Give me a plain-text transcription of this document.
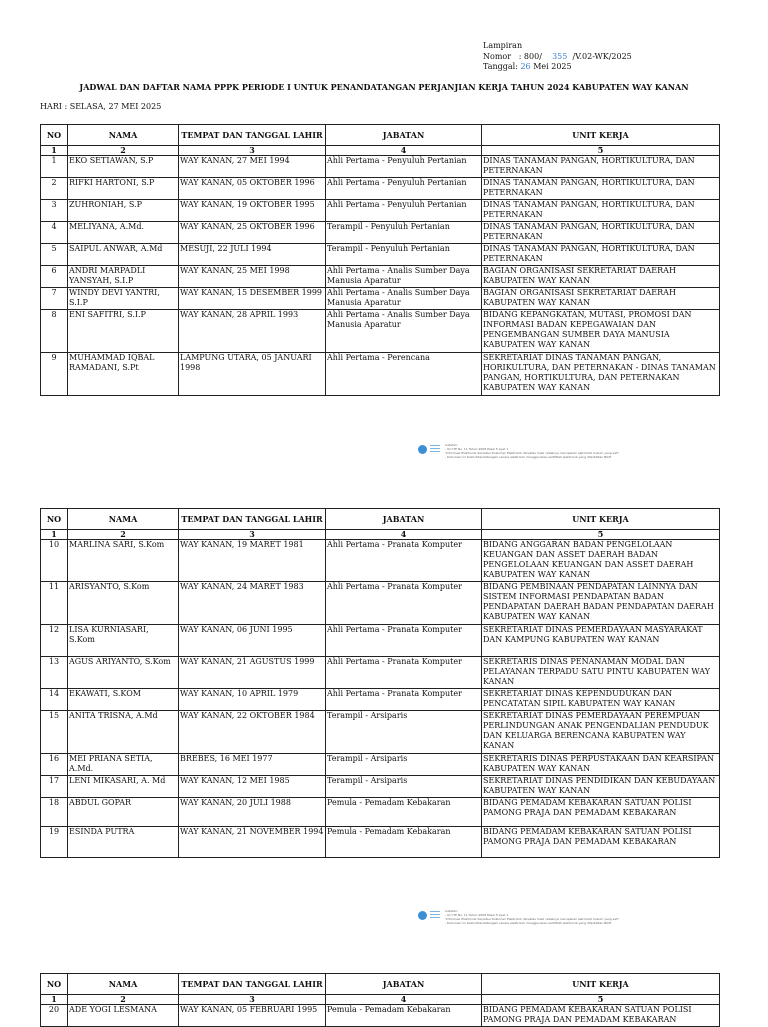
Lampiran
Nomor : 800/ 355 /V.02-WK/2025
Tanggal: 26 Mei 2025
JADWAL DAN DAFTAR NAMA PPPK PERIODE I UNTUK PENANDATANGAN PERJANJIAN KERJA TAHUN 2024 KABUPATEN WAY KANAN
HARI : SELASA, 27 MEI 2025
NO	NAMA	TEMPAT DAN TANGGAL LAHIR	JABATAN	UNIT KERJA
1	2	3	4	5
1	EKO SETIAWAN, S.P	WAY KANAN, 27 MEI 1994	Ahli Pertama - Penyuluh Pertanian	DINAS TANAMAN PANGAN, HORTIKULTURA, DAN PETERNAKAN
2	RIFKI HARTONI, S.P	WAY KANAN, 05 OKTOBER 1996	Ahli Pertama - Penyuluh Pertanian	DINAS TANAMAN PANGAN, HORTIKULTURA, DAN PETERNAKAN
3	ZUHRONIAH, S.P	WAY KANAN, 19 OKTOBER 1995	Ahli Pertama - Penyuluh Pertanian	DINAS TANAMAN PANGAN, HORTIKULTURA, DAN PETERNAKAN
4	MELIYANA, A.Md.	WAY KANAN, 25 OKTOBER 1996	Terampil - Penyuluh Pertanian	DINAS TANAMAN PANGAN, HORTIKULTURA, DAN PETERNAKAN
5	SAIPUL ANWAR, A.Md	MESUJI, 22 JULI 1994	Terampil - Penyuluh Pertanian	DINAS TANAMAN PANGAN, HORTIKULTURA, DAN PETERNAKAN
6	ANDRI MARPADLI YANSYAH, S.I.P	WAY KANAN, 25 MEI 1998	Ahli Pertama - Analis Sumber Daya Manusia Aparatur	BAGIAN ORGANISASI SEKRETARIAT DAERAH KABUPATEN WAY KANAN
7	WINDY DEVI YANTRI, S.I.P	WAY KANAN, 15 DESEMBER 1999	Ahli Pertama - Analis Sumber Daya Manusia Aparatur	BAGIAN ORGANISASI SEKRETARIAT DAERAH KABUPATEN WAY KANAN
8	ENI SAFITRI, S.I.P	WAY KANAN, 28 APRIL 1993	Ahli Pertama - Analis Sumber Daya Manusia Aparatur	BIDANG KEPANGKATAN, MUTASI, PROMOSI DAN INFORMASI BADAN KEPEGAWAIAN DAN PENGEMBANGAN SUMBER DAYA MANUSIA KABUPATEN WAY KANAN
9	MUHAMMAD IQBAL RAMADANI, S.Pt	LAMPUNG UTARA, 05 JANUARI 1998	Ahli Pertama - Perencana	SEKRETARIAT DINAS TANAMAN PANGAN, HORIKULTURA, DAN PETERNAKAN - DINAS TANAMAN PANGAN, HORTIKULTURA, DAN PETERNAKAN KABUPATEN WAY KANAN
Catatan:
- UU ITE No. 11 Tahun 2008 Pasal 5 ayat 1
"Informasi Elektronik dan/atau Dokumen Elektronik dan/atau hasil cetaknya merupakan alat bukti hukum yang sah"
- Dokumen ini telah ditandatangani secara elektronik menggunakan sertifikat elektronik yang diterbitkan BSrE
NO	NAMA	TEMPAT DAN TANGGAL LAHIR	JABATAN	UNIT KERJA
1	2	3	4	5
10	MARLINA SARI, S.Kom	WAY KANAN, 19 MARET 1981	Ahli Pertama - Pranata Komputer	BIDANG ANGGARAN BADAN PENGELOLAAN KEUANGAN DAN ASSET DAERAH BADAN PENGELOLAAN KEUANGAN DAN ASSET DAERAH KABUPATEN WAY KANAN
11	ARISYANTO, S.Kom	WAY KANAN, 24 MARET 1983	Ahli Pertama - Pranata Komputer	BIDANG PEMBINAAN PENDAPATAN LAINNYA DAN SISTEM INFORMASI PENDAPATAN BADAN PENDAPATAN DAERAH BADAN PENDAPATAN DAERAH KABUPATEN WAY KANAN
12	LISA KURNIASARI, S.Kom	WAY KANAN, 06 JUNI 1995	Ahli Pertama - Pranata Komputer	SEKRETARIAT DINAS PEMERDAYAAN MASYARAKAT DAN KAMPUNG KABUPATEN WAY KANAN
13	AGUS ARIYANTO, S.Kom	WAY KANAN, 21 AGUSTUS 1999	Ahli Pertama - Pranata Komputer	SEKRETARIS DINAS PENANAMAN MODAL DAN PELAYANAN TERPADU SATU PINTU KABUPATEN WAY KANAN
14	EKAWATI, S.KOM	WAY KANAN, 10 APRIL 1979	Ahli Pertama - Pranata Komputer	SEKRETARIAT DINAS KEPENDUDUKAN DAN PENCATATAN SIPIL KABUPATEN WAY KANAN
15	ANITA TRISNA, A.Md	WAY KANAN, 22 OKTOBER 1984	Terampil - Arsiparis	SEKRETARIAT DINAS PEMERDAYAAN PEREMPUAN PERLINDUNGAN ANAK PENGENDALIAN PENDUDUK DAN KELUARGA BERENCANA KABUPATEN WAY KANAN
16	MEI PRIANA SETIA, A.Md.	BREBES, 16 MEI 1977	Terampil - Arsiparis	SEKRETARIS DINAS PERPUSTAKAAN DAN KEARSIPAN KABUPATEN WAY KANAN
17	LENI MIKASARI, A. Md	WAY KANAN, 12 MEI 1985	Terampil - Arsiparis	SEKRETARIAT DINAS PENDIDIKAN DAN KEBUDAYAAN KABUPATEN WAY KANAN
18	ABDUL GOPAR	WAY KANAN, 20 JULI 1988	Pemula - Pemadam Kebakaran	BIDANG PEMADAM KEBAKARAN SATUAN POLISI PAMONG PRAJA DAN PEMADAM KEBAKARAN
19	ESINDA PUTRA	WAY KANAN, 21 NOVEMBER 1994	Pemula - Pemadam Kebakaran	BIDANG PEMADAM KEBAKARAN SATUAN POLISI PAMONG PRAJA DAN PEMADAM KEBAKARAN
Catatan:
- UU ITE No. 11 Tahun 2008 Pasal 5 ayat 1
"Informasi Elektronik dan/atau Dokumen Elektronik dan/atau hasil cetaknya merupakan alat bukti hukum yang sah"
- Dokumen ini telah ditandatangani secara elektronik menggunakan sertifikat elektronik yang diterbitkan BSrE
NO	NAMA	TEMPAT DAN TANGGAL LAHIR	JABATAN	UNIT KERJA
1	2	3	4	5
20	ADE YOGI LESMANA	WAY KANAN, 05 FEBRUARI 1995	Pemula - Pemadam Kebakaran	BIDANG PEMADAM KEBAKARAN SATUAN POLISI PAMONG PRAJA DAN PEMADAM KEBAKARAN
